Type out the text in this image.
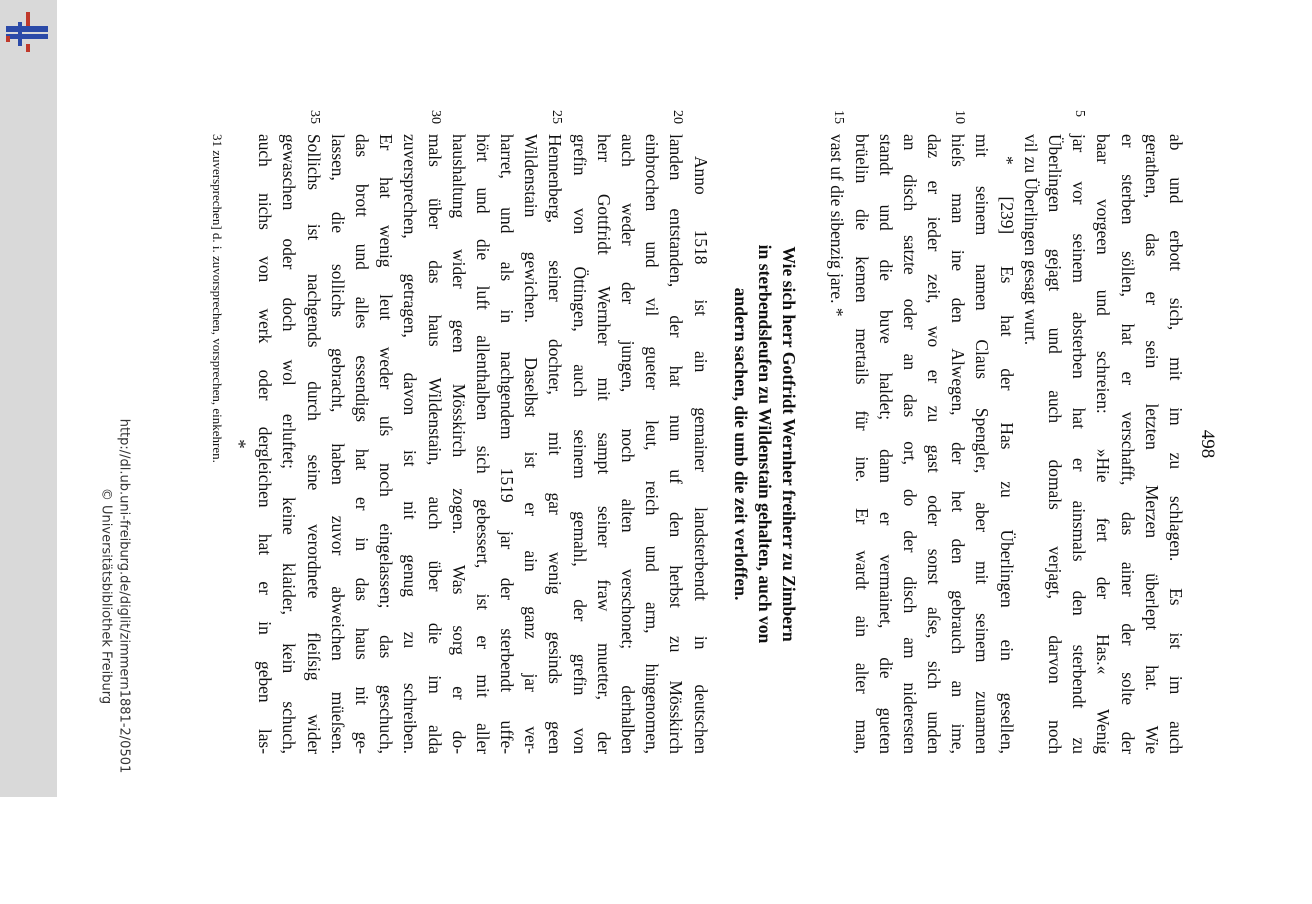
http://dl.ub.uni-freiburg.de/diglit/zimmern1881-2/0501
© Universitätsbibliothek Freiburg
498
ab und erbott sich, mit im zu schlagen. Es ist im auch
gerathen, das er sein letzten Merzen überlept hat. Wie
er sterben söllen, hat er verschafft, das ainer der solte der
baar vorgeen und schreien: »Hie fert der Has.« Wenig
jar vor seinem absterben hat er ainsmals den sterbendt zu
Überlingen gejagt und auch domals verjagt, darvon noch
vil zu Überlingen gesagt wurt.
5
* [239] Es hat der Has zu Überlingen ein gesellen,
mit seinem namen Claus Spengler, aber mit seinem zunamen
hieſs man ine den Alwegen, der het den gebrauch an ime,
daz er ieder zeit, wo er zu gast oder sonst aſse, sich unden
an disch satzte oder an das ort, do der disch am nideresten
standt und die buve haldet; dann er vermainet, die gueten
brüelin die kemen mertails für ine. Er wardt ain alter man,
vast uf die sibenzig jare. *
10
15
Wie sich herr Gotfridt Wernher freiherr zu Zimbern
in sterbendsleufen zu Wildenstain gehalten, auch von
andern sachen, die umb die zeit verloffen.
Anno 1518 ist ain gemainer landsterbendt in deutschen
landen entstanden, der hat nun uf den herbst zu Mösskirch
einbrochen und vil gueter leut, reich und arm, hingenomen,
auch weder der jungen, noch alten verschonet; derhalben
herr Gottfridt Wernher mit sampt seiner fraw muetter, der
grefin von Öttingen, auch seinem gemahl, der grefin von
Hennenberg, seiner dochter, mit gar wenig gesinds geen
Wildenstain gewichen. Daselbst ist er ain ganz jar ver-
harret, und als in nachgendem 1519 jar der sterbendt uffe-
hört und die luft allenthalben sich gebessert, ist er mit aller
haushaltung wider geen Mösskirch zogen. Was sorg er do-
mals über das haus Wildenstain, auch über die im alda
zuversprechen, getragen, davon ist nit genug zu schreiben.
Er hat wenig leut weder uſs noch eingelassen; das geschuch,
das brott und alles essendigs hat er in das haus nit ge-
lassen, die sollichs gebracht, haben zuvor abweichen müeſsen.
Sollichs ist nachgends durch seine verordnete fleiſsig wider
gewaschen oder doch wol erluftet; keine klaider, kein schuch,
auch nichs von werk oder dergleichen hat er in geben las-
20
25
30
35
*
31 zuversprechen] d. i. zuvorsprechen, vorsprechen, einkehren.
